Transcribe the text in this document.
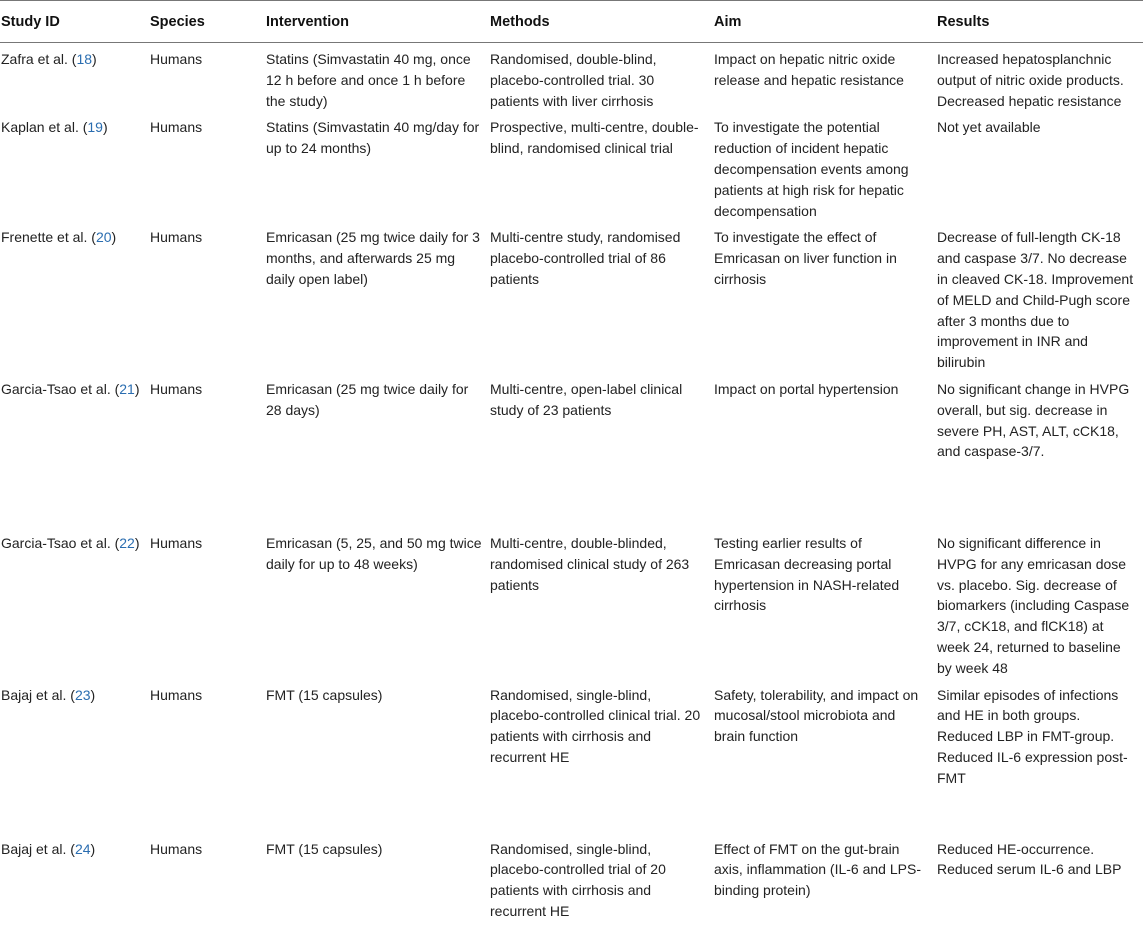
Study ID	Species	Intervention	Methods	Aim	Results
Zafra et al. (18)	Humans	Statins (Simvastatin 40 mg, once 12 h before and once 1 h before the study)	Randomised, double-blind, placebo-controlled trial. 30 patients with liver cirrhosis	Impact on hepatic nitric oxide release and hepatic resistance	Increased hepatosplanchnic output of nitric oxide products. Decreased hepatic resistance
Kaplan et al. (19)	Humans	Statins (Simvastatin 40 mg/day for up to 24 months)	Prospective, multi-centre, double-blind, randomised clinical trial	To investigate the potential reduction of incident hepatic decompensation events among patients at high risk for hepatic decompensation	Not yet available
Frenette et al. (20)	Humans	Emricasan (25 mg twice daily for 3 months, and afterwards 25 mg daily open label)	Multi-centre study, randomised placebo-controlled trial of 86 patients	To investigate the effect of Emricasan on liver function in cirrhosis	Decrease of full-length CK-18 and caspase 3/7. No decrease in cleaved CK-18. Improvement of MELD and Child-Pugh score after 3 months due to improvement in INR and bilirubin
Garcia-Tsao et al. (21)	Humans	Emricasan (25 mg twice daily for 28 days)	Multi-centre, open-label clinical study of 23 patients	Impact on portal hypertension	No significant change in HVPG overall, but sig. decrease in severe PH, AST, ALT, cCK18, and caspase-3/7.
Garcia-Tsao et al. (22)	Humans	Emricasan (5, 25, and 50 mg twice daily for up to 48 weeks)	Multi-centre, double-blinded, randomised clinical study of 263 patients	Testing earlier results of Emricasan decreasing portal hypertension in NASH-related cirrhosis	No significant difference in HVPG for any emricasan dose vs. placebo. Sig. decrease of biomarkers (including Caspase 3/7, cCK18, and flCK18) at week 24, returned to baseline by week 48
Bajaj et al. (23)	Humans	FMT (15 capsules)	Randomised, single-blind, placebo-controlled clinical trial. 20 patients with cirrhosis and recurrent HE	Safety, tolerability, and impact on mucosal/stool microbiota and brain function	Similar episodes of infections and HE in both groups. Reduced LBP in FMT-group. Reduced IL-6 expression post-FMT
Bajaj et al. (24)	Humans	FMT (15 capsules)	Randomised, single-blind, placebo-controlled trial of 20 patients with cirrhosis and recurrent HE	Effect of FMT on the gut-brain axis, inflammation (IL-6 and LPS-binding protein)	Reduced HE-occurrence. Reduced serum IL-6 and LBP
